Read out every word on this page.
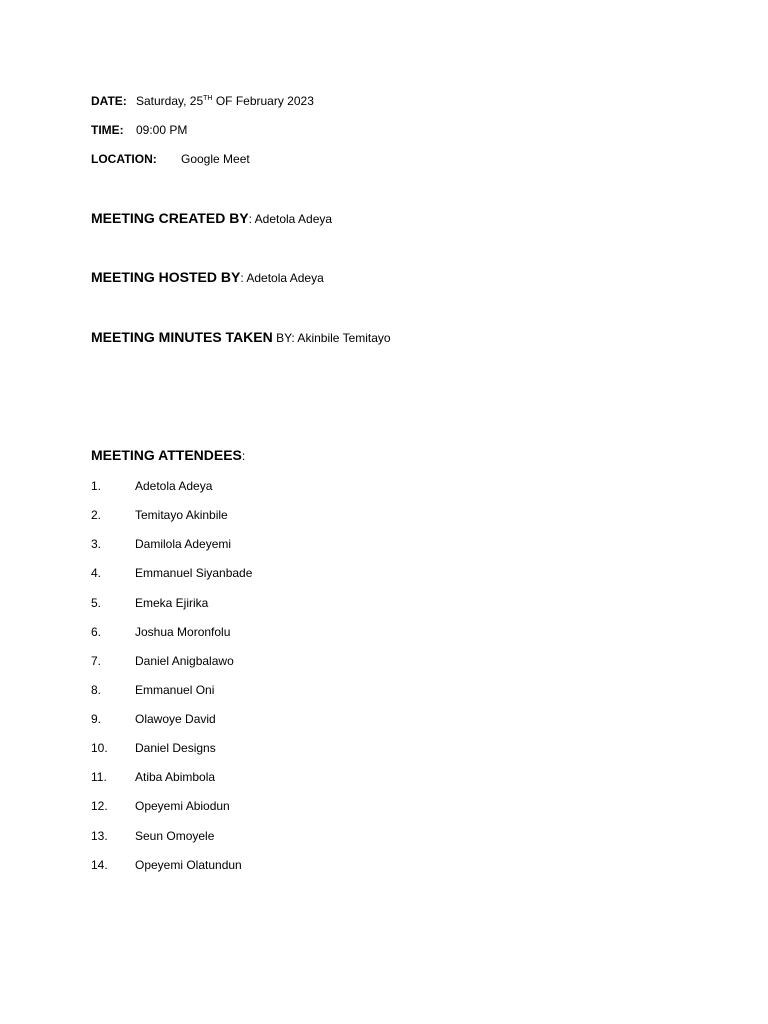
DATE: Saturday, 25TH OF February 2023
TIME: 09:00 PM
LOCATION: Google Meet
MEETING CREATED BY: Adetola Adeya
MEETING HOSTED BY: Adetola Adeya
MEETING MINUTES TAKEN BY: Akinbile Temitayo
MEETING ATTENDEES:
1.	Adetola Adeya
2.	Temitayo Akinbile
3.	Damilola Adeyemi
4.	Emmanuel Siyanbade
5.	Emeka Ejirika
6.	Joshua Moronfolu
7.	Daniel Anigbalawo
8.	Emmanuel Oni
9.	Olawoye David
10. Daniel Designs
11. Atiba Abimbola
12. Opeyemi Abiodun
13. Seun Omoyele
14. Opeyemi Olatundun
